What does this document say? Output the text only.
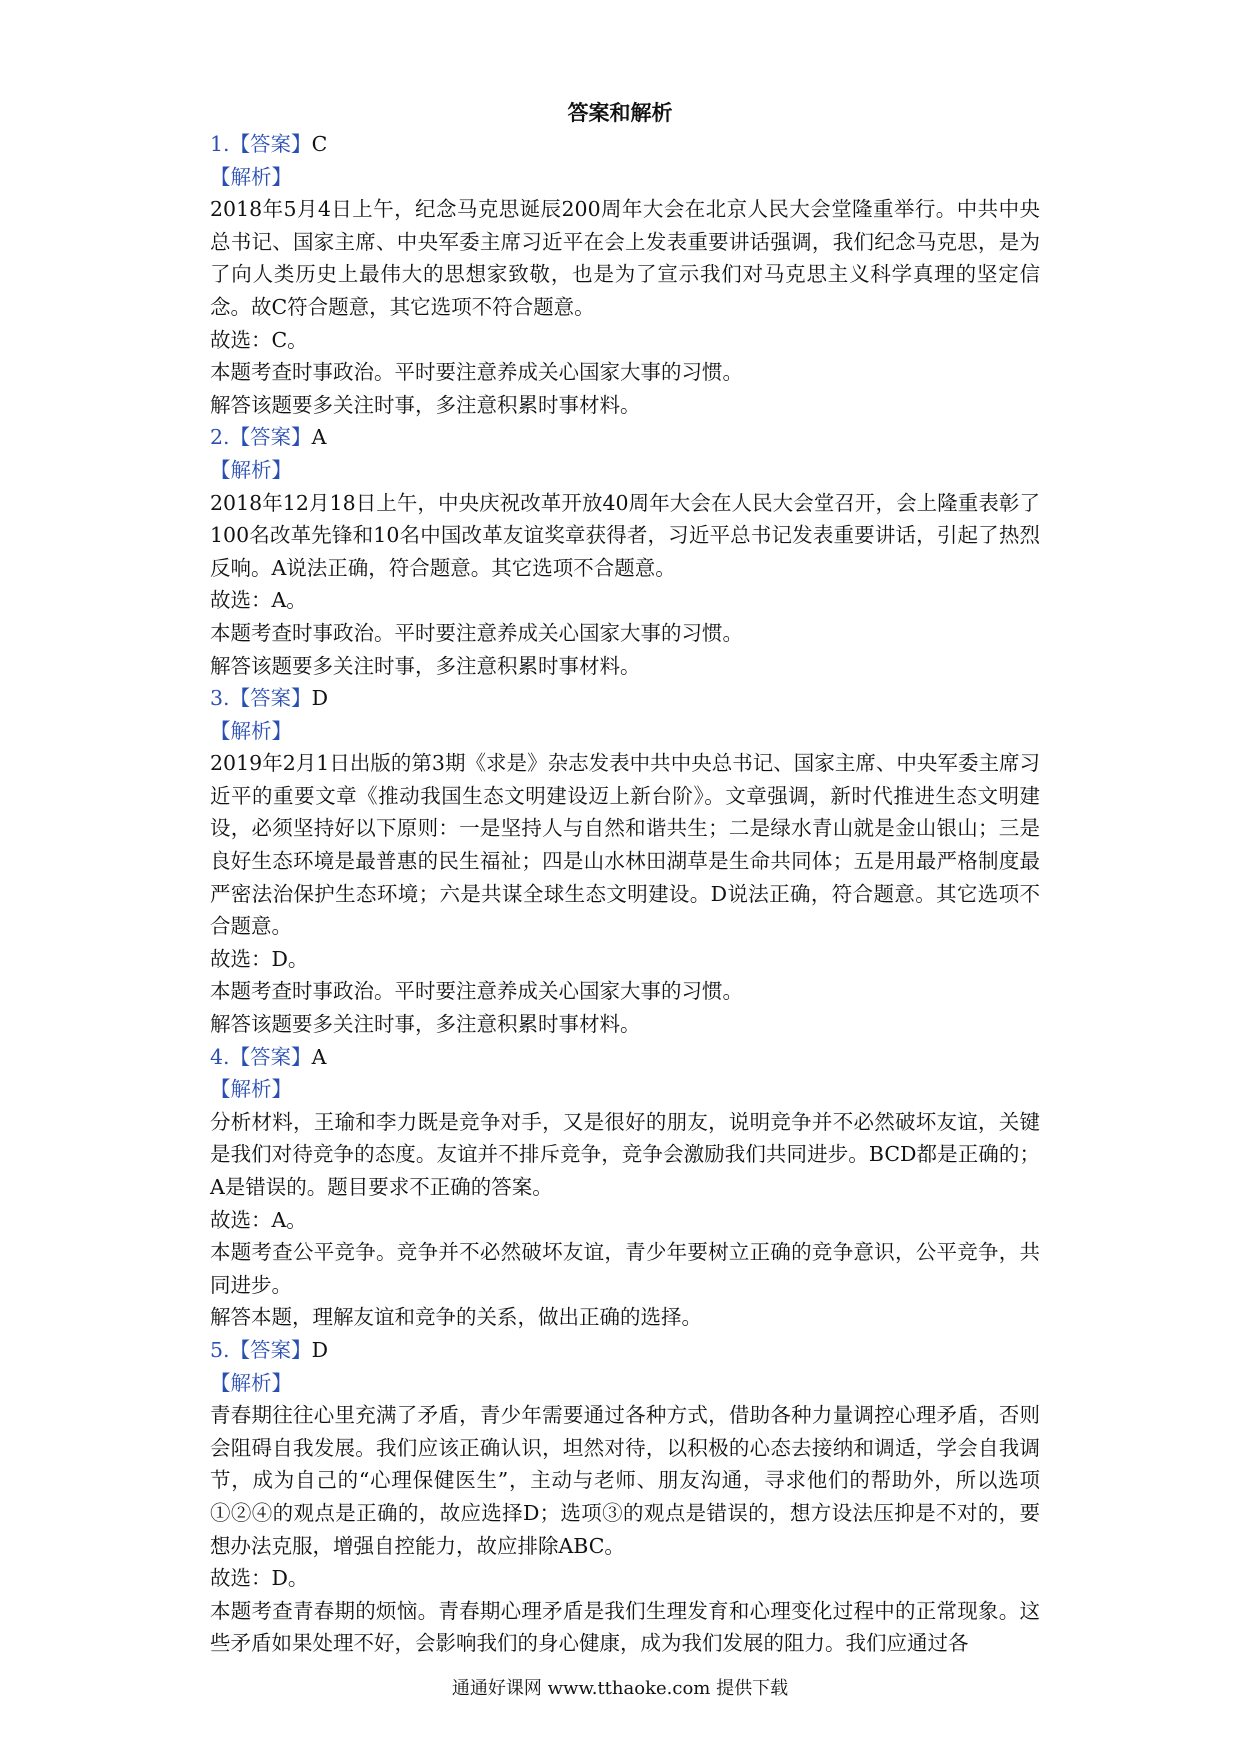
答案和解析
1.【答案】C
【解析】

2018年5月4日上午，纪念马克思诞辰200周年大会在北京人民大会堂隆重举行。中共中央总书记、国家主席、中央军委主席习近平在会上发表重要讲话强调，我们纪念马克思，是为了向人类历史上最伟大的思想家致敬，也是为了宣示我们对马克思主义科学真理的坚定信念。故C符合题意，其它选项不符合题意。

故选：C。

本题考查时事政治。平时要注意养成关心国家大事的习惯。

解答该题要多关注时事，多注意积累时事材料。

2.【答案】A
【解析】

2018年12月18日上午，中央庆祝改革开放40周年大会在人民大会堂召开，会上隆重表彰了100名改革先锋和10名中国改革友谊奖章获得者，习近平总书记发表重要讲话，引起了热烈反响。A说法正确，符合题意。其它选项不合题意。

故选：A。

本题考查时事政治。平时要注意养成关心国家大事的习惯。

解答该题要多关注时事，多注意积累时事材料。

3.【答案】D
【解析】

2019年2月1日出版的第3期《求是》杂志发表中共中央总书记、国家主席、中央军委主席习近平的重要文章《推动我国生态文明建设迈上新台阶》。文章强调，新时代推进生态文明建设，必须坚持好以下原则：一是坚持人与自然和谐共生；二是绿水青山就是金山银山；三是良好生态环境是最普惠的民生福祉；四是山水林田湖草是生命共同体；五是用最严格制度最严密法治保护生态环境；六是共谋全球生态文明建设。D说法正确，符合题意。其它选项不合题意。

故选：D。

本题考查时事政治。平时要注意养成关心国家大事的习惯。

解答该题要多关注时事，多注意积累时事材料。

4.【答案】A
【解析】

分析材料，王瑜和李力既是竞争对手，又是很好的朋友，说明竞争并不必然破坏友谊，关键是我们对待竞争的态度。友谊并不排斥竞争，竞争会激励我们共同进步。BCD都是正确的；A是错误的。题目要求不正确的答案。

故选：A。

本题考查公平竞争。竞争并不必然破坏友谊，青少年要树立正确的竞争意识，公平竞争，共同进步。

解答本题，理解友谊和竞争的关系，做出正确的选择。

5.【答案】D
【解析】

青春期往往心里充满了矛盾，青少年需要通过各种方式，借助各种力量调控心理矛盾，否则会阻碍自我发展。我们应该正确认识，坦然对待，以积极的心态去接纳和调适，学会自我调节，成为自己的“心理保健医生”，主动与老师、朋友沟通，寻求他们的帮助外，所以选项①②④的观点是正确的，故应选择D；选项③的观点是错误的，想方设法压抑是不对的，要想办法克服，增强自控能力，故应排除ABC。

故选：D。

本题考查青春期的烦恼。青春期心理矛盾是我们生理发育和心理变化过程中的正常现象。这些矛盾如果处理不好，会影响我们的身心健康，成为我们发展的阻力。我们应通过各

通通好课网 www.tthaoke.com 提供下载
